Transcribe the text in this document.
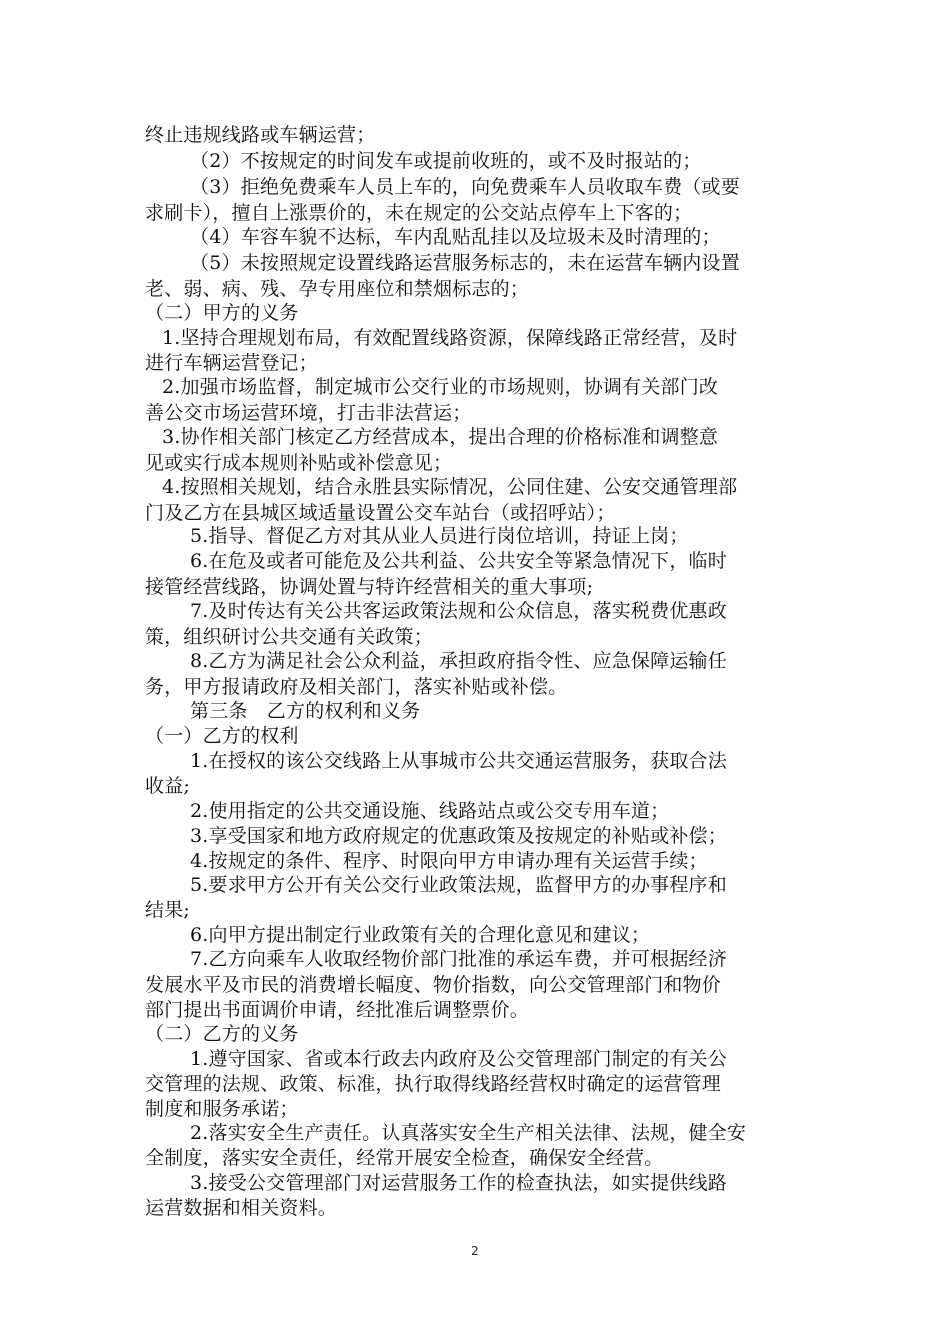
终止违规线路或车辆运营；

（2）不按规定的时间发车或提前收班的，或不及时报站的；

（3）拒绝免费乘车人员上车的，向免费乘车人员收取车费（或要

求刷卡），擅自上涨票价的，未在规定的公交站点停车上下客的；

（4）车容车貌不达标，车内乱贴乱挂以及垃圾未及时清理的；

（5）未按照规定设置线路运营服务标志的，未在运营车辆内设置

老、弱、病、残、孕专用座位和禁烟标志的；

（二）甲方的义务

1.坚持合理规划布局，有效配置线路资源，保障线路正常经营，及时

进行车辆运营登记；

2.加强市场监督，制定城市公交行业的市场规则，协调有关部门改

善公交市场运营环境，打击非法营运；

3.协作相关部门核定乙方经营成本，提出合理的价格标准和调整意

见或实行成本规则补贴或补偿意见；

4.按照相关规划，结合永胜县实际情况，公同住建、公安交通管理部

门及乙方在县城区域适量设置公交车站台（或招呼站）；

5.指导、督促乙方对其从业人员进行岗位培训，持证上岗；

6.在危及或者可能危及公共利益、公共安全等紧急情况下，临时

接管经营线路，协调处置与特许经营相关的重大事项;

7.及时传达有关公共客运政策法规和公众信息，落实税费优惠政

策，组织研讨公共交通有关政策；

8.乙方为满足社会公众利益，承担政府指令性、应急保障运输任

务，甲方报请政府及相关部门，落实补贴或补偿。

第三条　乙方的权利和义务

（一）乙方的权利

1.在授权的该公交线路上从事城市公共交通运营服务，获取合法

收益;

2.使用指定的公共交通设施、线路站点或公交专用车道；

3.享受国家和地方政府规定的优惠政策及按规定的补贴或补偿；

4.按规定的条件、程序、时限向甲方申请办理有关运营手续；

5.要求甲方公开有关公交行业政策法规，监督甲方的办事程序和

结果;

6.向甲方提出制定行业政策有关的合理化意见和建议；

7.乙方向乘车人收取经物价部门批准的承运车费，并可根据经济

发展水平及市民的消费增长幅度、物价指数，向公交管理部门和物价

部门提出书面调价申请，经批准后调整票价。

（二）乙方的义务

1.遵守国家、省或本行政去内政府及公交管理部门制定的有关公

交管理的法规、政策、标准，执行取得线路经营权时确定的运营管理

制度和服务承诺；

2.落实安全生产责任。认真落实安全生产相关法律、法规，健全安

全制度，落实安全责任，经常开展安全检查，确保安全经营。

3.接受公交管理部门对运营服务工作的检查执法，如实提供线路

运营数据和相关资料。

2
